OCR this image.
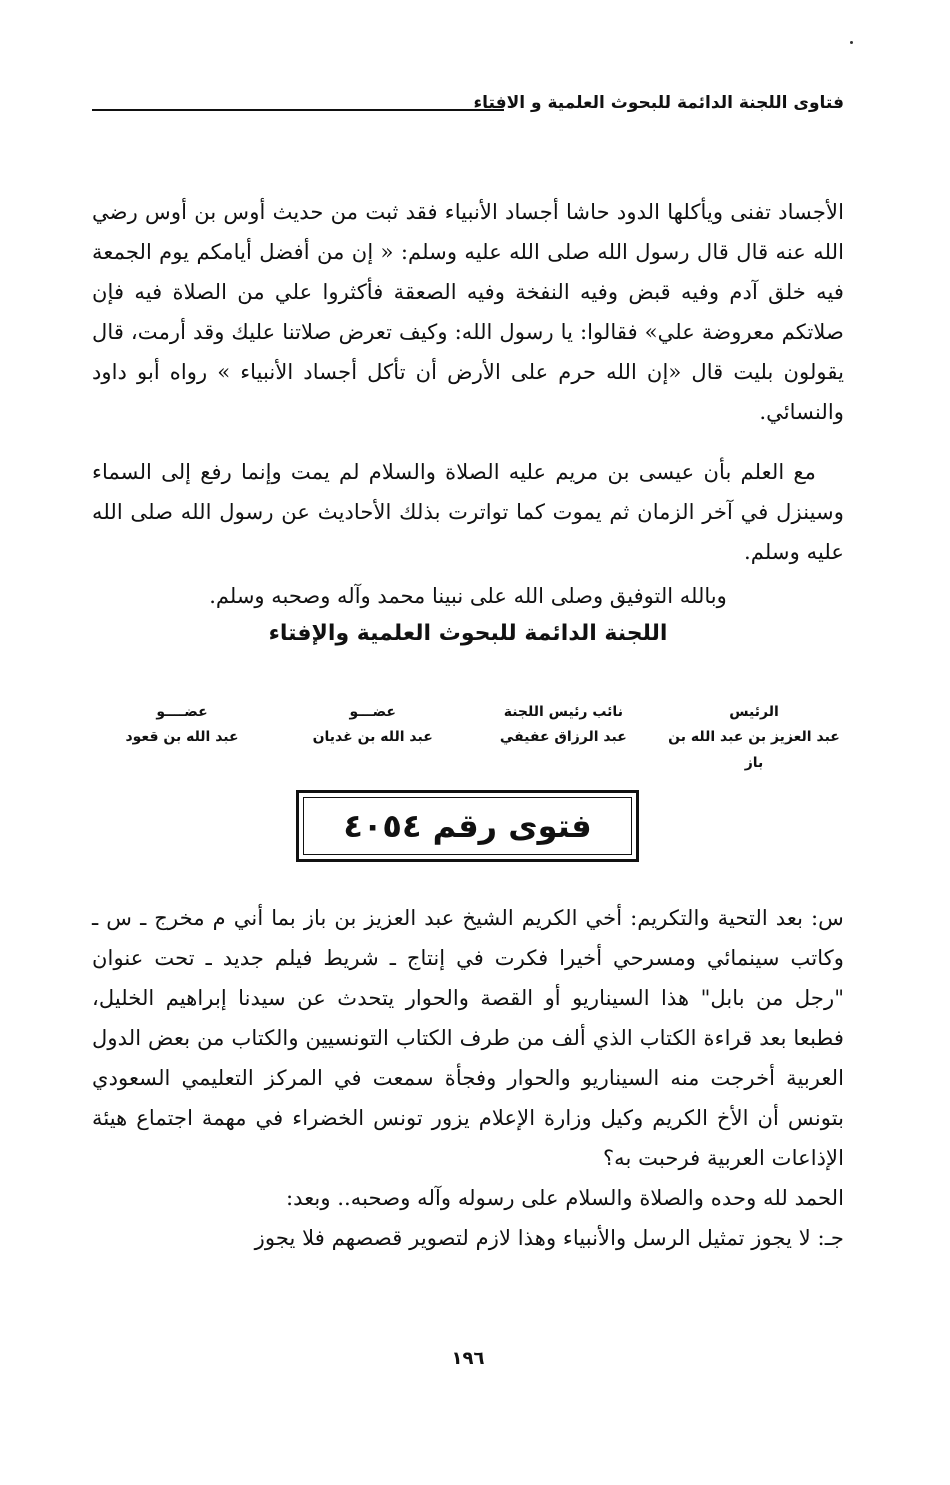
فتاوى اللجنة الدائمة للبحوث العلمية و الافتاء
الأجساد تفنى ويأكلها الدود حاشا أجساد الأنبياء فقد ثبت من حديث أوس بن أوس رضي الله عنه قال قال رسول الله صلى الله عليه وسلم: « إن من أفضل أيامكم يوم الجمعة فيه خلق آدم وفيه قبض وفيه النفخة وفيه الصعقة فأكثروا علي من الصلاة فيه فإن صلاتكم معروضة علي» فقالوا: يا رسول الله: وكيف تعرض صلاتنا عليك وقد أرمت، قال يقولون بليت قال «إن الله حرم على الأرض أن تأكل أجساد الأنبياء » رواه أبو داود والنسائي.
مع العلم بأن عيسى بن مريم عليه الصلاة والسلام لم يمت وإنما رفع إلى السماء وسينزل في آخر الزمان ثم يموت كما تواترت بذلك الأحاديث عن رسول الله صلى الله عليه وسلم.
وبالله التوفيق وصلى الله على نبينا محمد وآله وصحبه وسلم.
اللجنة الدائمة للبحوث العلمية والإفتاء
الرئيس
عبد العزيز بن عبد الله بن باز
نائب رئيس اللجنة
عبد الرزاق عفيفي
عضـــو
عبد الله بن غديان
عضــــو
عبد الله بن قعود
فتوى رقم ٤٠٥٤
س: بعد التحية والتكريم: أخي الكريم الشيخ عبد العزيز بن باز بما أني م مخرج ـ س ـ وكاتب سينمائي ومسرحي أخيرا فكرت في إنتاج ـ شريط فيلم جديد ـ تحت عنوان "رجل من بابل" هذا السيناريو أو القصة والحوار يتحدث عن سيدنا إبراهيم الخليل، فطبعا بعد قراءة الكتاب الذي ألف من طرف الكتاب التونسيين والكتاب من بعض الدول العربية أخرجت منه السيناريو والحوار وفجأة سمعت في المركز التعليمي السعودي بتونس أن الأخ الكريم وكيل وزارة الإعلام يزور تونس الخضراء في مهمة اجتماع هيئة الإذاعات العربية فرحبت به؟
الحمد لله وحده والصلاة والسلام على رسوله وآله وصحبه.. وبعد:
جـ: لا يجوز تمثيل الرسل والأنبياء وهذا لازم لتصوير قصصهم فلا يجوز
١٩٦
